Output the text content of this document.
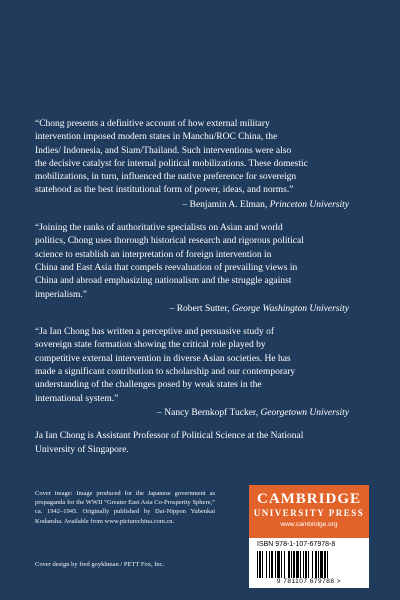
“Chong presents a definitive account of how external military

intervention imposed modern states in Manchu/ROC China, the

Indies/ Indonesia, and Siam/Thailand. Such interventions were also

the decisive catalyst for internal political mobilizations. These domestic

mobilizations, in turn, influenced the native preference for sovereign

statehood as the best institutional form of power, ideas, and norms.”

– Benjamin A. Elman, Princeton University

“Joining the ranks of authoritative specialists on Asian and world

politics, Chong uses thorough historical research and rigorous political

science to establish an interpretation of foreign intervention in

China and East Asia that compels reevaluation of prevailing views in

China and abroad emphasizing nationalism and the struggle against

imperialism.”

– Robert Sutter, George Washington University

“Ja Ian Chong has written a perceptive and persuasive study of

sovereign state formation showing the critical role played by

competitive external intervention in diverse Asian societies. He has

made a significant contribution to scholarship and our contemporary

understanding of the challenges posed by weak states in the

international system.”

– Nancy Bernkopf Tucker, Georgetown University
Ja Ian Chong is Assistant Professor of Political Science at the National
University of Singapore.
Cover image: Image produced for the Japanese government as propaganda for the WWII “Greater East Asia Co-Prosperity Sphere,” ca. 1942–1945. Originally published by Dai-Nippon Yubenkai Kodansha. Available from www.picturechina.com.cn.
Cover design by fred goykhman / PETT Fox, Inc.
CAMBRIDGE
UNIVERSITY PRESS
www.cambridge.org
ISBN 978-1-107-67978-8
9 781107 679788 >
